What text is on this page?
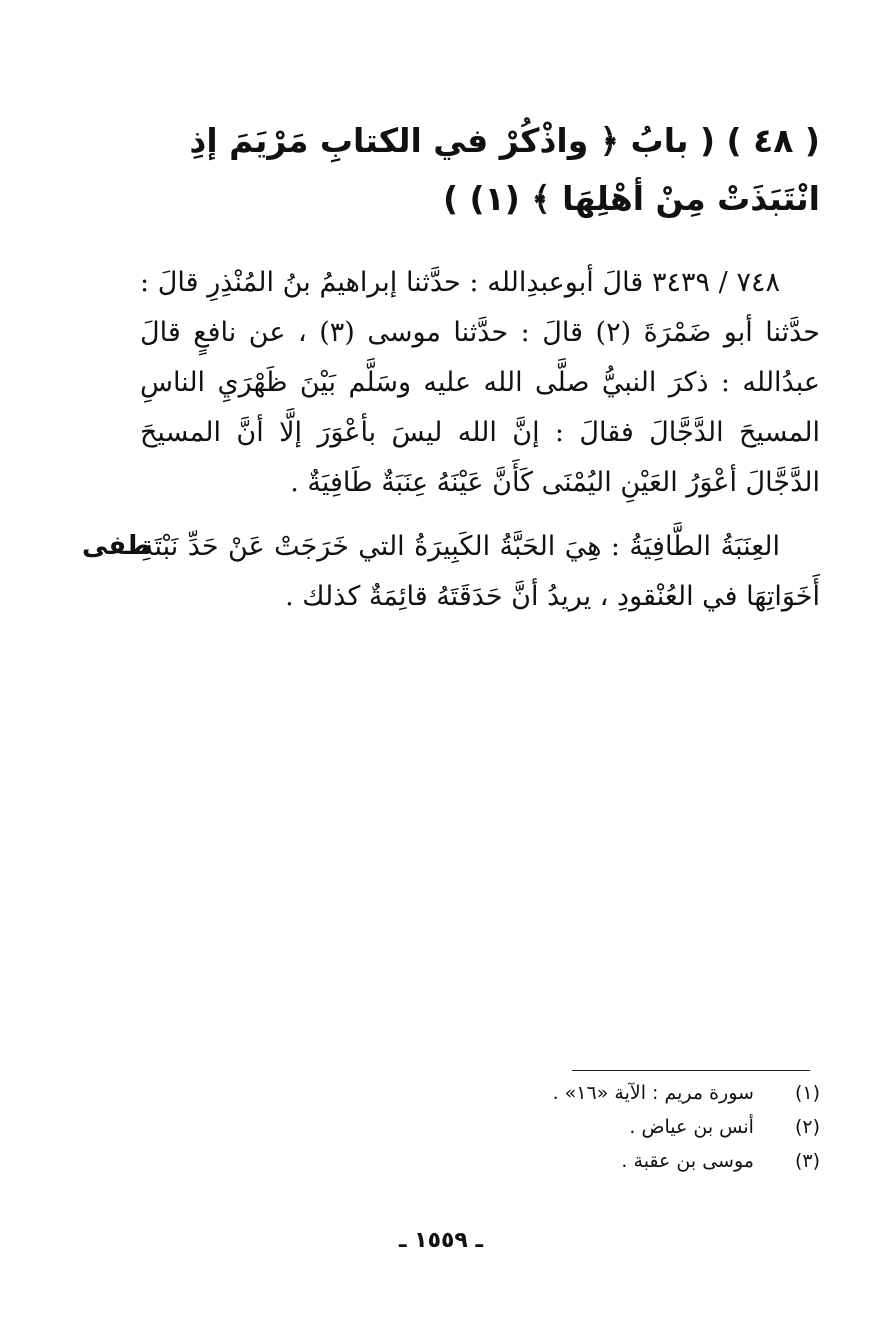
( ٤٨ ) ( بابُ ﴿ واذْكُرْ في الكتابِ مَرْيَمَ إذِ انْتَبَذَتْ مِنْ أهْلِهَا ﴾ (١) )
٧٤٨ / ٣٤٣٩ قالَ أبوعبدِالله : حدَّثنا إبراهيمُ بنُ المُنْذِرِ قالَ : حدَّثنا أبو ضَمْرَةَ (٢) قالَ : حدَّثنا موسى (٣) ، عن نافعٍ قالَ عبدُالله : ذكرَ النبيُّ صلَّى الله عليه وسَلَّم بَيْنَ ظَهْرَيِ الناسِ المسيحَ الدَّجَّالَ فقالَ : إنَّ الله ليسَ بأعْوَرَ إلَّا أنَّ المسيحَ الدَّجَّالَ أعْوَرُ العَيْنِ اليُمْنَى كَأَنَّ عَيْنَهُ عِنَبَةٌ طَافِيَةٌ .
طفى
العِنَبَةُ الطَّافِيَةُ : هِيَ الحَبَّةُ الكَبِيرَةُ التي خَرَجَتْ عَنْ حَدِّ نَبْتَةِ أَخَوَاتِهَا في العُنْقودِ ، يريدُ أنَّ حَدَقَتَهُ قائِمَةٌ كذلك .
(١) سورة مريم : الآية «١٦» .
(٢) أنس بن عياض .
(٣) موسى بن عقبة .
ـ ١٥٥٩ ـ
